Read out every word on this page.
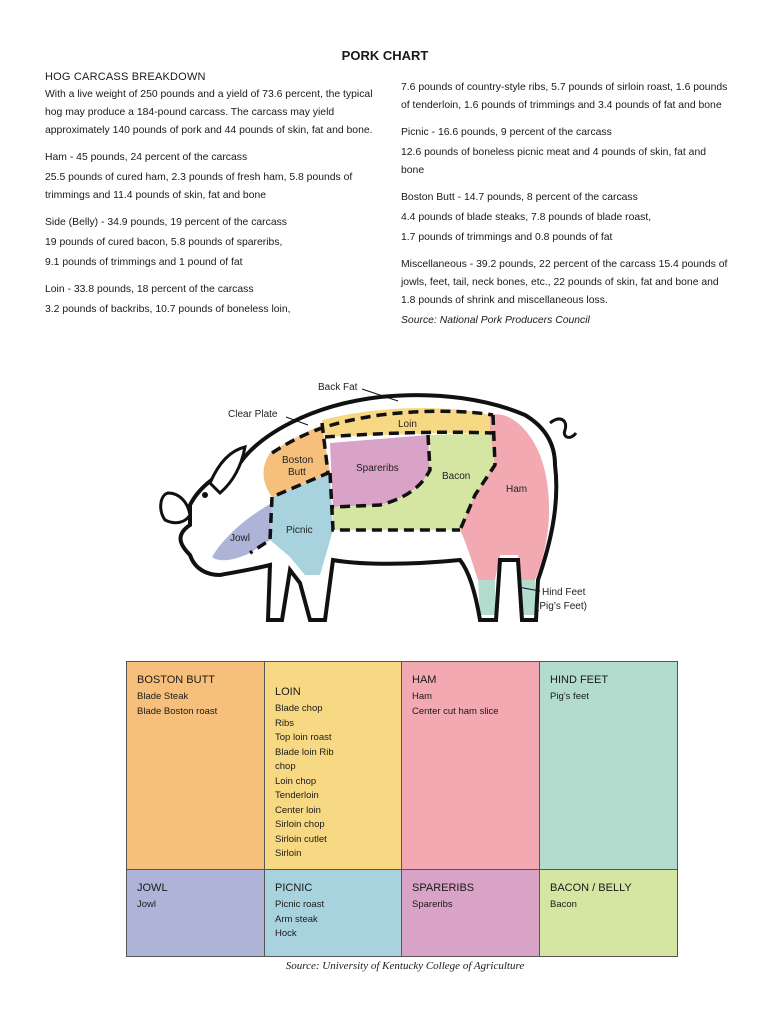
PORK CHART
HOG CARCASS BREAKDOWN

With a live weight of 250 pounds and a yield of 73.6 percent, the typical hog may produce a 184-pound carcass. The carcass may yield approximately 140 pounds of pork and 44 pounds of skin, fat and bone.

Ham - 45 pounds, 24 percent of the carcass

25.5 pounds of cured ham, 2.3 pounds of fresh ham, 5.8 pounds of trimmings and 11.4 pounds of skin, fat and bone

Side (Belly) - 34.9 pounds, 19 percent of the carcass

19 pounds of cured bacon, 5.8 pounds of spareribs,

9.1 pounds of trimmings and 1 pound of fat

Loin - 33.8 pounds, 18 percent of the carcass

3.2 pounds of backribs, 10.7 pounds of boneless loin,

7.6 pounds of country-style ribs, 5.7 pounds of sirloin roast, 1.6 pounds of tenderloin, 1.6 pounds of trimmings and 3.4 pounds of fat and bone

Picnic - 16.6 pounds, 9 percent of the carcass

12.6 pounds of boneless picnic meat and 4 pounds of skin, fat and bone

Boston Butt - 14.7 pounds, 8 percent of the carcass

4.4 pounds of blade steaks, 7.8 pounds of blade roast,

1.7 pounds of trimmings and 0.8 pounds of fat

Miscellaneous - 39.2 pounds, 22 percent of the carcass 15.4 pounds of jowls, feet, tail, neck bones, etc., 22 pounds of skin, fat and bone and 1.8 pounds of shrink and miscellaneous loss.

Source: National Pork Producers Council
Back Fat
Clear Plate
Loin
Boston
Butt	Spareribs
Bacon
Ham
Jowl
Picnic
Hind Feet
(Pig’s Feet)
BOSTON BUTT
Blade Steak
Blade Boston roast
LOIN
Blade chop
Ribs
Top loin roast
Blade loin Rib
chop
Loin chop
Tenderloin
Center loin
Sirloin chop
Sirloin cutlet
Sirloin
HAM
Ham
Center cut ham slice
HIND FEET
Pig’s feet
JOWL
Jowl
PICNIC
Picnic roast
Arm steak
Hock
SPARERIBS
Spareribs
BACON / BELLY
Bacon
Source: University of Kentucky College of Agriculture
